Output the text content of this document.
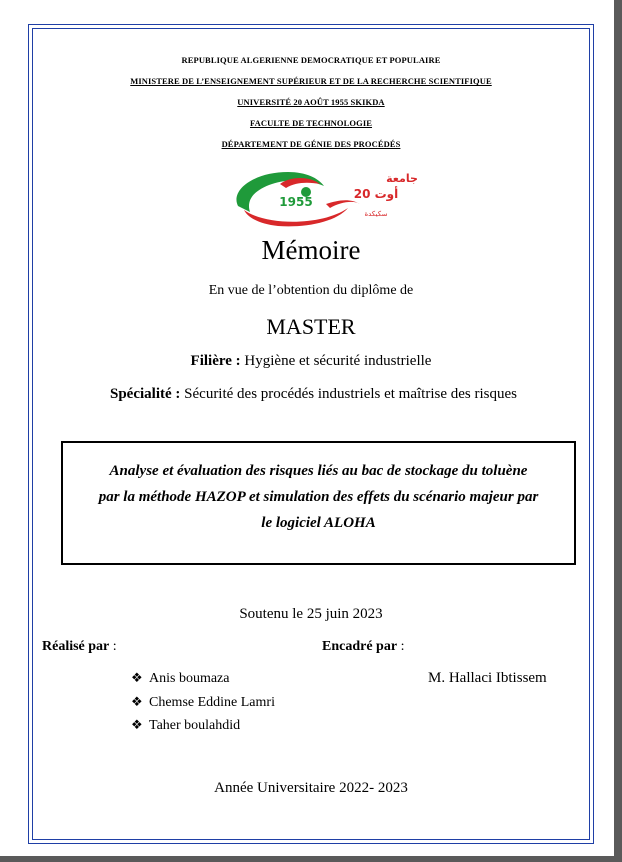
REPUBLIQUE ALGERIENNE DEMOCRATIQUE ET POPULAIRE
MINISTERE DE L’ENSEIGNEMENT SUPÉRIEUR ET DE LA RECHERCHE SCIENTIFIQUE
UNIVERSITÉ 20 AOÛT 1955 SKIKDA
FACULTE DE TECHNOLOGIE
DÉPARTEMENT DE GÉNIE DES PROCÉDÉS
1955
20 أوت
جامعة
سكيكدة
Mémoire
En vue de l’obtention du diplôme de
MASTER
Filière : Hygiène et sécurité industrielle
Spécialité : Sécurité des procédés industriels et maîtrise des risques
Analyse et évaluation des risques liés au bac de stockage du toluène
par la méthode HAZOP et simulation des effets du scénario majeur par
le logiciel ALOHA
Soutenu le 25 juin 2023
Réalisé par :	Encadré par :
❖ Anis boumaza
❖ Chemse Eddine Lamri
❖ Taher boulahdid
M. Hallaci Ibtissem
Année Universitaire 2022- 2023
